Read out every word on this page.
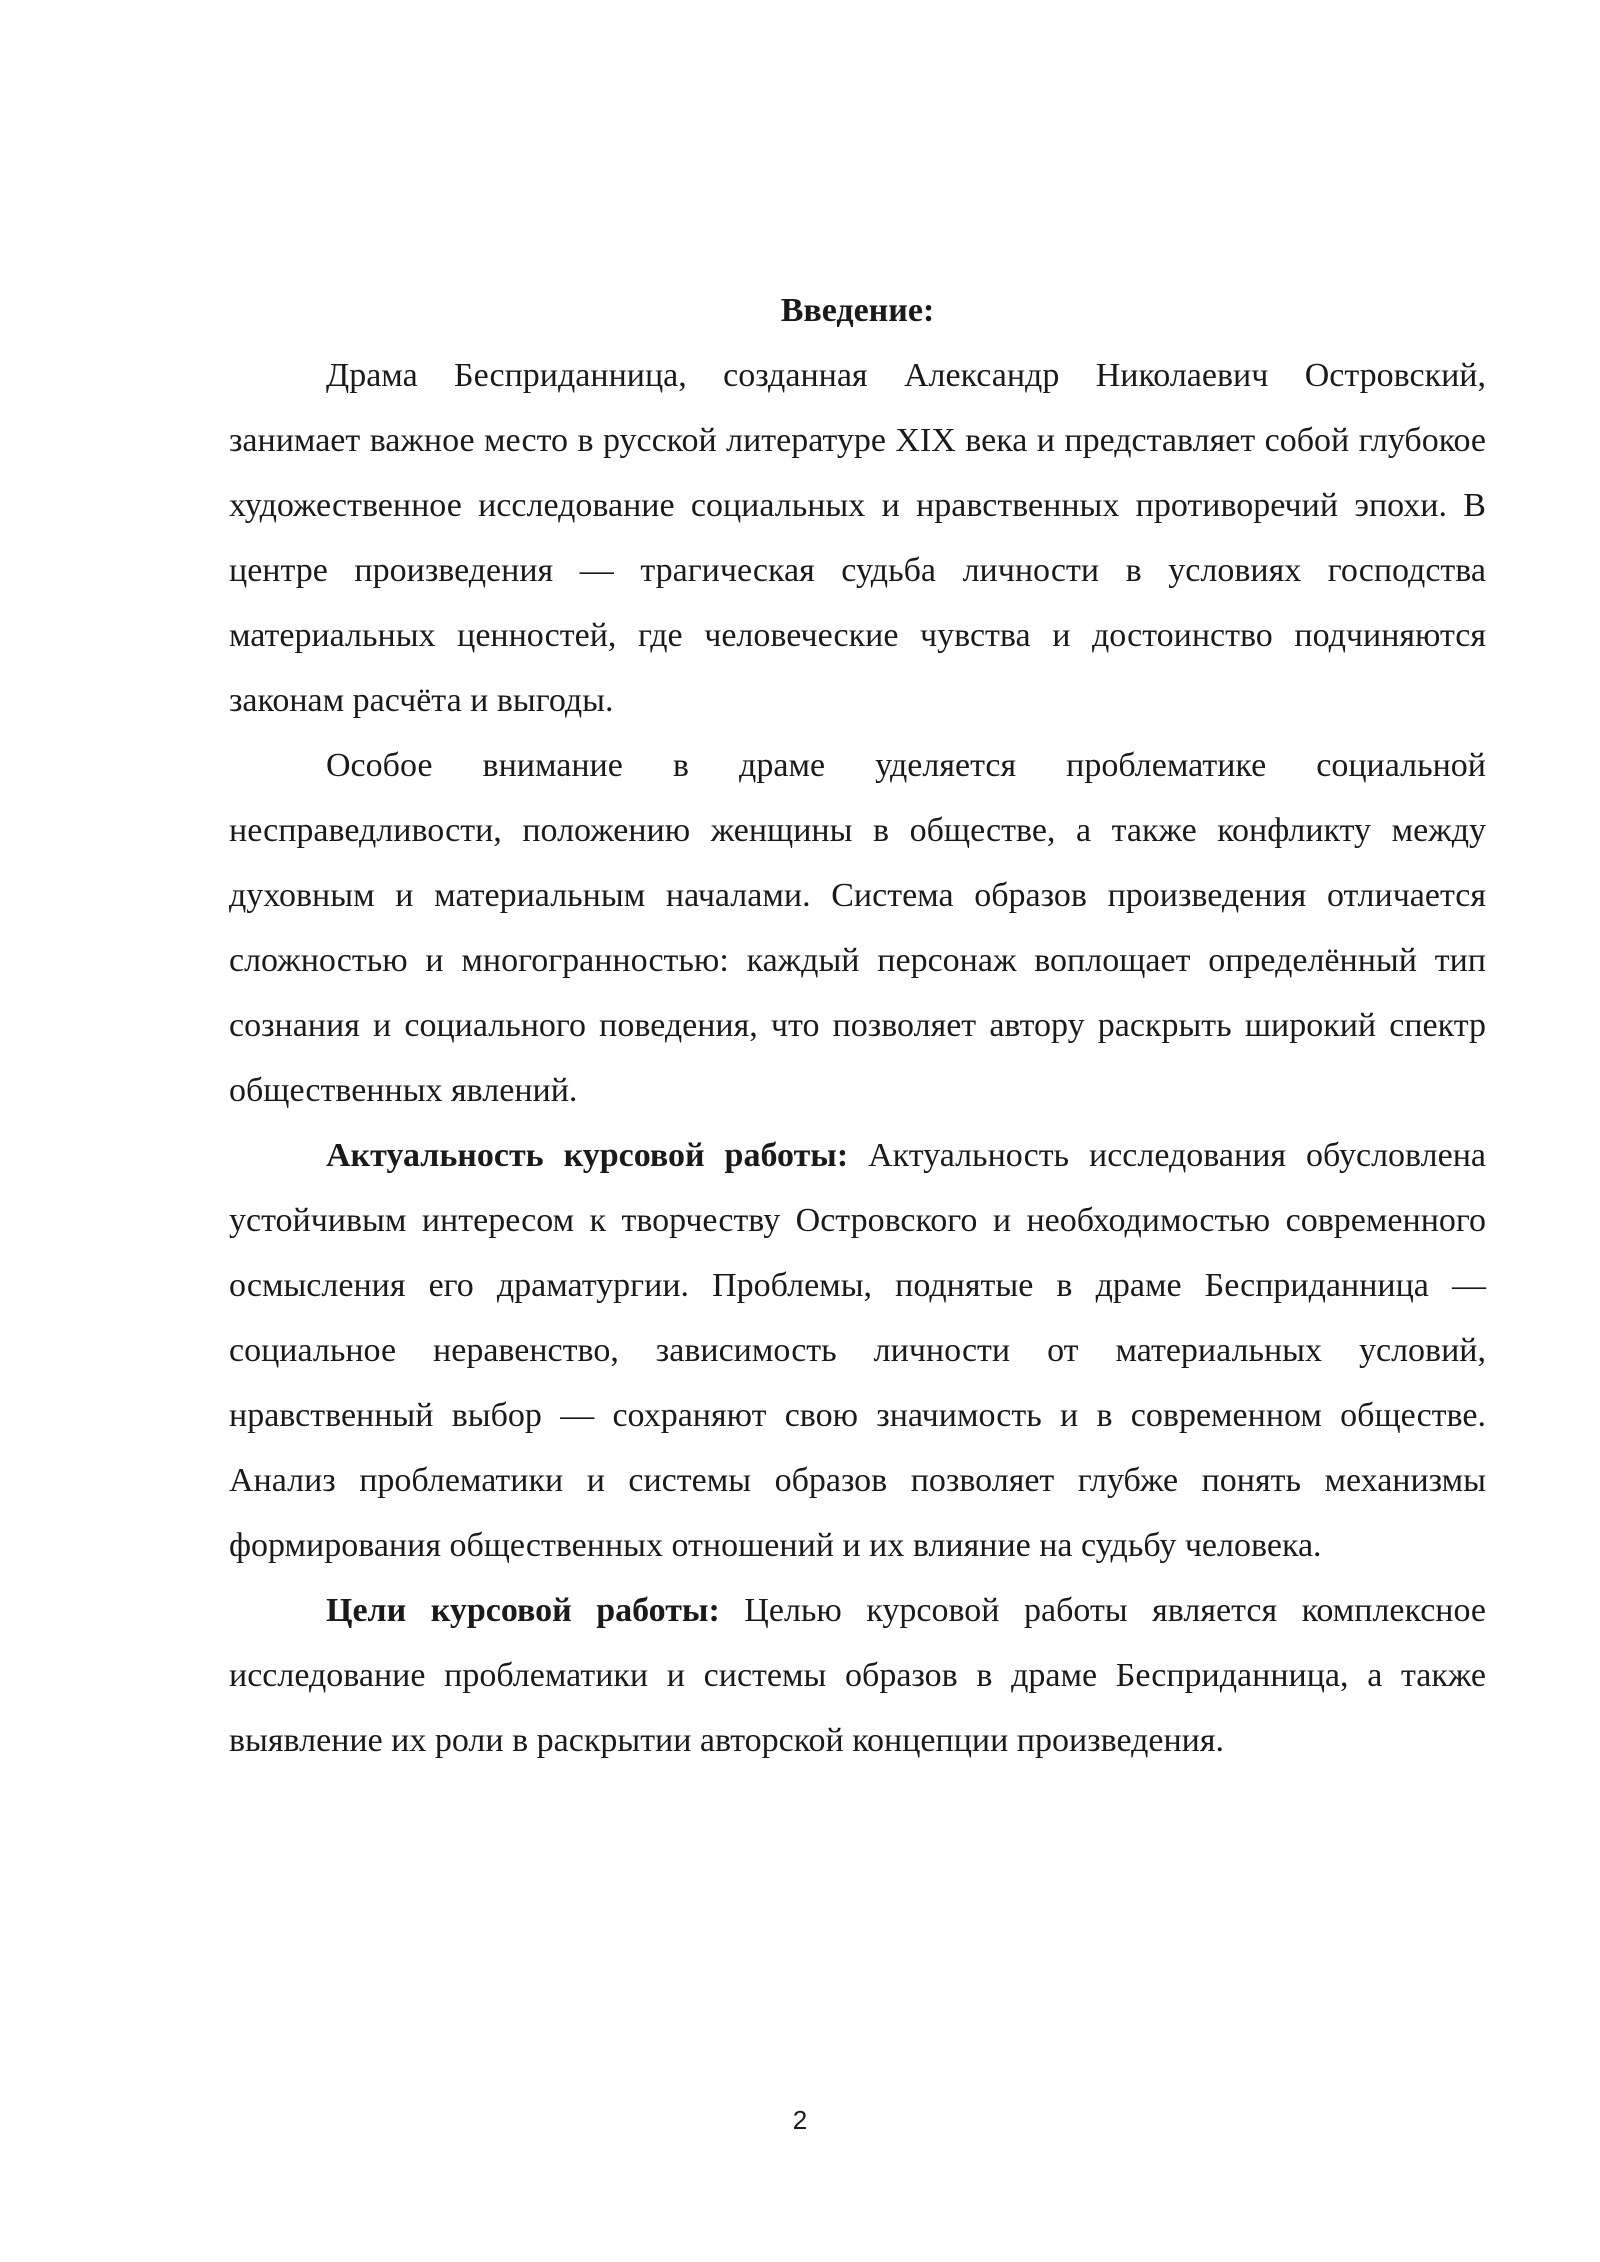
Введение:

Драма Бесприданница, созданная Александр Николаевич Островский, занимает важное место в русской литературе XIX века и представляет собой глубокое художественное исследование социальных и нравственных противоречий эпохи. В центре произведения — трагическая судьба личности в условиях господства материальных ценностей, где человеческие чувства и достоинство подчиняются законам расчёта и выгоды.

Особое внимание в драме уделяется проблематике социальной несправедливости, положению женщины в обществе, а также конфликту между духовным и материальным началами. Система образов произведения отличается сложностью и многогранностью: каждый персонаж воплощает определённый тип сознания и социального поведения, что позволяет автору раскрыть широкий спектр общественных явлений.

Актуальность курсовой работы: Актуальность исследования обусловлена устойчивым интересом к творчеству Островского и необходимостью современного осмысления его драматургии. Проблемы, поднятые в драме Бесприданница — социальное неравенство, зависимость личности от материальных условий, нравственный выбор — сохраняют свою значимость и в современном обществе. Анализ проблематики и системы образов позволяет глубже понять механизмы формирования общественных отношений и их влияние на судьбу человека.

Цели курсовой работы: Целью курсовой работы является комплексное исследование проблематики и системы образов в драме Бесприданница, а также выявление их роли в раскрытии авторской концепции произведения.

2
